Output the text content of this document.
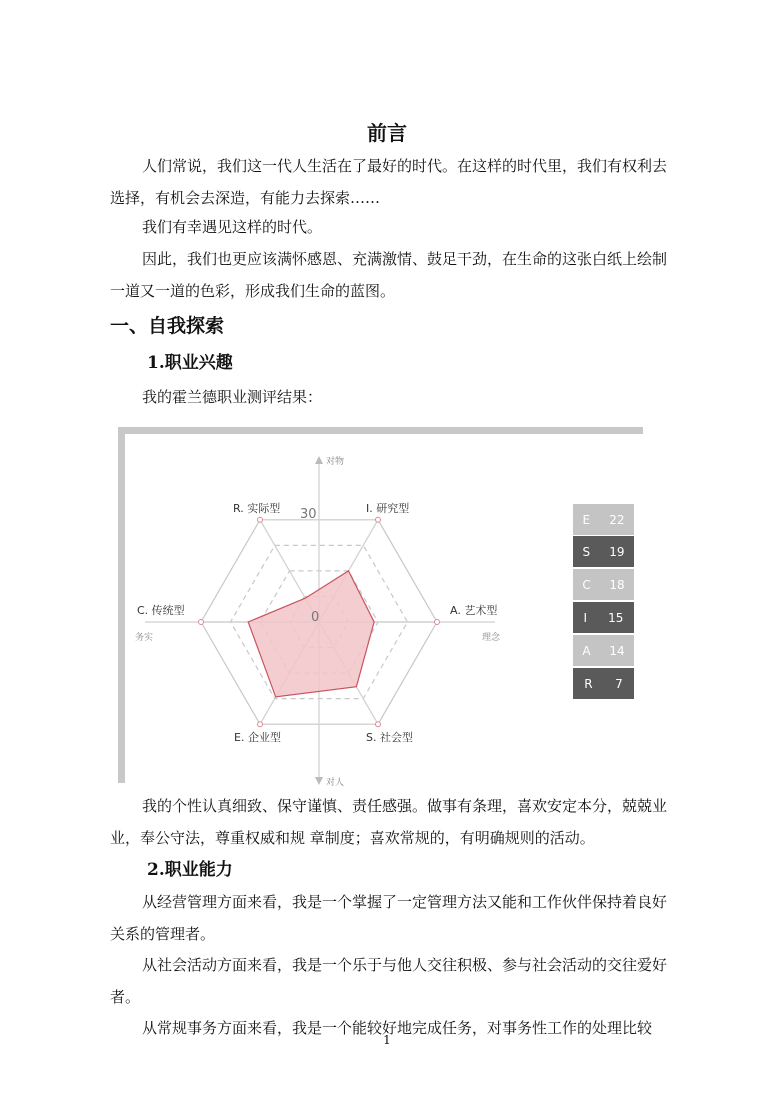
前言

人们常说，我们这一代人生活在了最好的时代。在这样的时代里，我们有权利去选择，有机会去深造，有能力去探索……

我们有幸遇见这样的时代。

因此，我们也更应该满怀感恩、充满激情、鼓足干劲，在生命的这张白纸上绘制一道又一道的色彩，形成我们生命的蓝图。

一、自我探索
1.职业兴趣

我的霍兰德职业测评结果：

对物
对人
务实	理念
R. 实际型	I. 研究型
A. 艺术型
S. 社会型
E. 企业型
C. 传统型
30
0
E 22
S 19
C 18
I 15
A 14
R 7

我的个性认真细致、保守谨慎、责任感强。做事有条理，喜欢安定本分，兢兢业业，奉公守法，尊重权威和规 章制度；喜欢常规的，有明确规则的活动。

2.职业能力

从经营管理方面来看，我是一个掌握了一定管理方法又能和工作伙伴保持着良好关系的管理者。

从社会活动方面来看，我是一个乐于与他人交往积极、参与社会活动的交往爱好者。

从常规事务方面来看，我是一个能较好地完成任务，对事务性工作的处理比较

1
